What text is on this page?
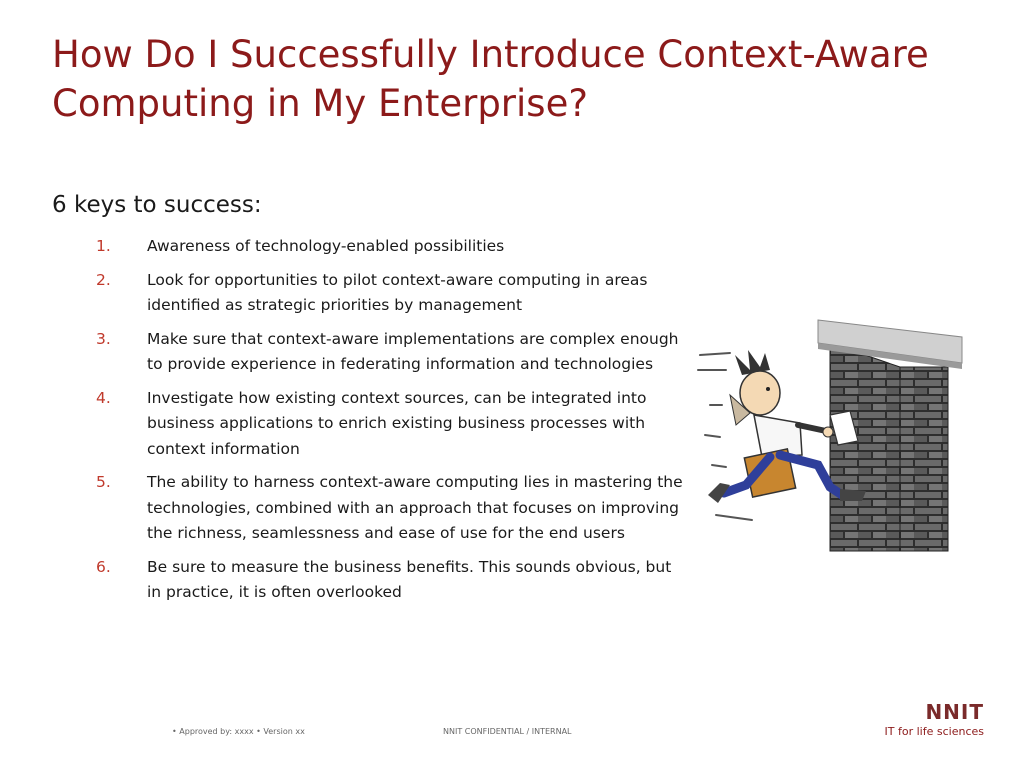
How Do I Successfully Introduce Context-Aware Computing in My Enterprise?
6 keys to success:
1. Awareness of technology-enabled possibilities
2. Look for opportunities to pilot context-aware computing in areas identified as strategic priorities by management
3. Make sure that context-aware implementations are complex enough to provide experience in federating information and technologies
4. Investigate how existing context sources, can be integrated into business applications to enrich existing business processes with context information
5. The ability to harness context-aware computing lies in mastering the technologies, combined with an approach that focuses on improving the richness, seamlessness and ease of use for the end users
6. Be sure to measure the business benefits. This sounds obvious, but in practice, it is often overlooked
• Approved by: xxxx • Version xx	NNIT CONFIDENTIAL / INTERNAL
NNIT
IT for life sciences
